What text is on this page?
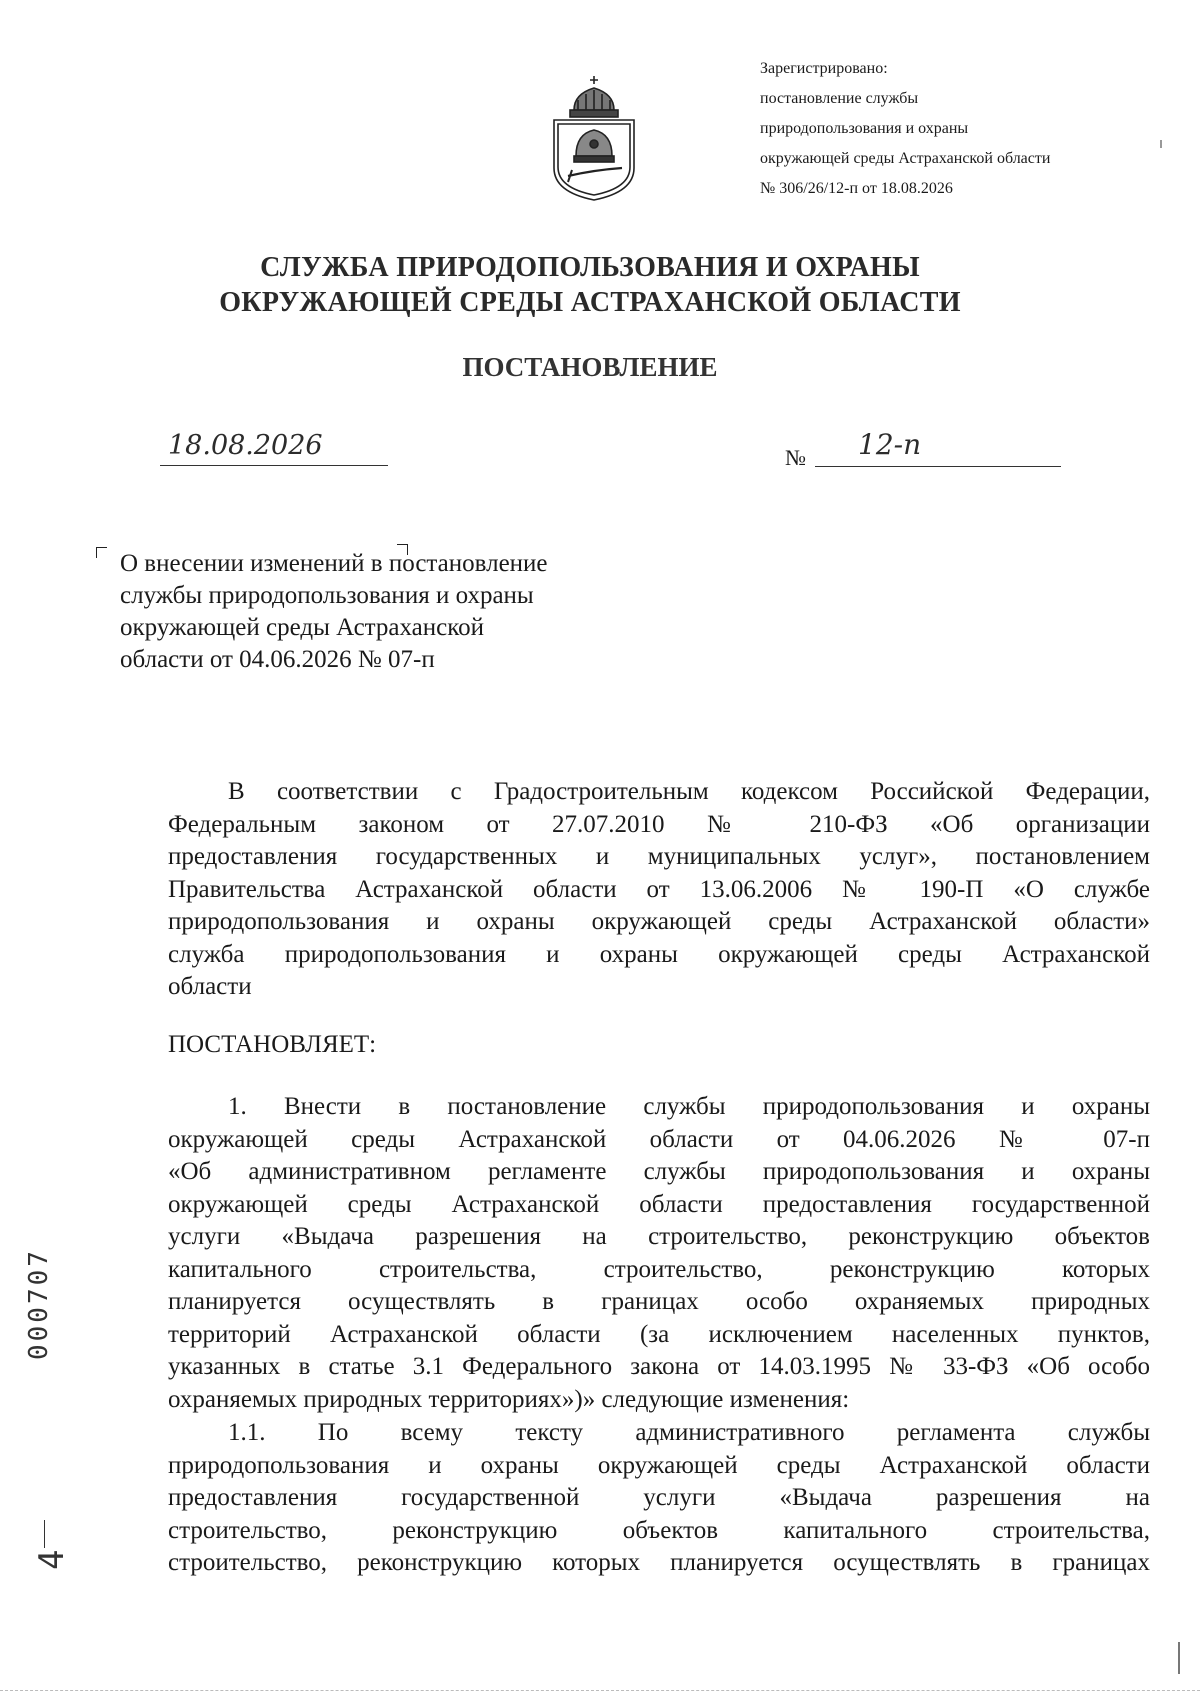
Зарегистрировано:
постановление службы
природопользования и охраны
окружающей среды Астраханской области
№ 306/26/12-п от 18.08.2026
СЛУЖБА ПРИРОДОПОЛЬЗОВАНИЯ И ОХРАНЫ
ОКРУЖАЮЩЕЙ СРЕДЫ АСТРАХАНСКОЙ ОБЛАСТИ
ПОСТАНОВЛЕНИЕ
18.08.2026	№ 12-п
О внесении изменений в постановление
службы природопользования и охраны
окружающей среды Астраханской
области от 04.06.2026 № 07-п
В соответствии с Градостроительным кодексом Российской Федерации,
Федеральным законом от 27.07.2010 № 210-ФЗ «Об организации
предоставления государственных и муниципальных услуг», постановлением
Правительства Астраханской области от 13.06.2006 № 190-П «О службе
природопользования и охраны окружающей среды Астраханской области»
служба природопользования и охраны окружающей среды Астраханской
области
ПОСТАНОВЛЯЕТ:
1. Внести в постановление службы природопользования и охраны
окружающей среды Астраханской области от 04.06.2026 № 07-п
«Об административном регламенте службы природопользования и охраны
окружающей среды Астраханской области предоставления государственной
услуги «Выдача разрешения на строительство, реконструкцию объектов
капитального строительства, строительство, реконструкцию которых
планируется осуществлять в границах особо охраняемых природных
территорий Астраханской области (за исключением населенных пунктов,
указанных в статье 3.1 Федерального закона от 14.03.1995 № 33-ФЗ «Об особо
охраняемых природных территориях»)» следующие изменения:
1.1. По всему тексту административного регламента службы
природопользования и охраны окружающей среды Астраханской области
предоставления государственной услуги «Выдача разрешения на
строительство, реконструкцию объектов капитального строительства,
строительство, реконструкцию которых планируется осуществлять в границах
000707
4
